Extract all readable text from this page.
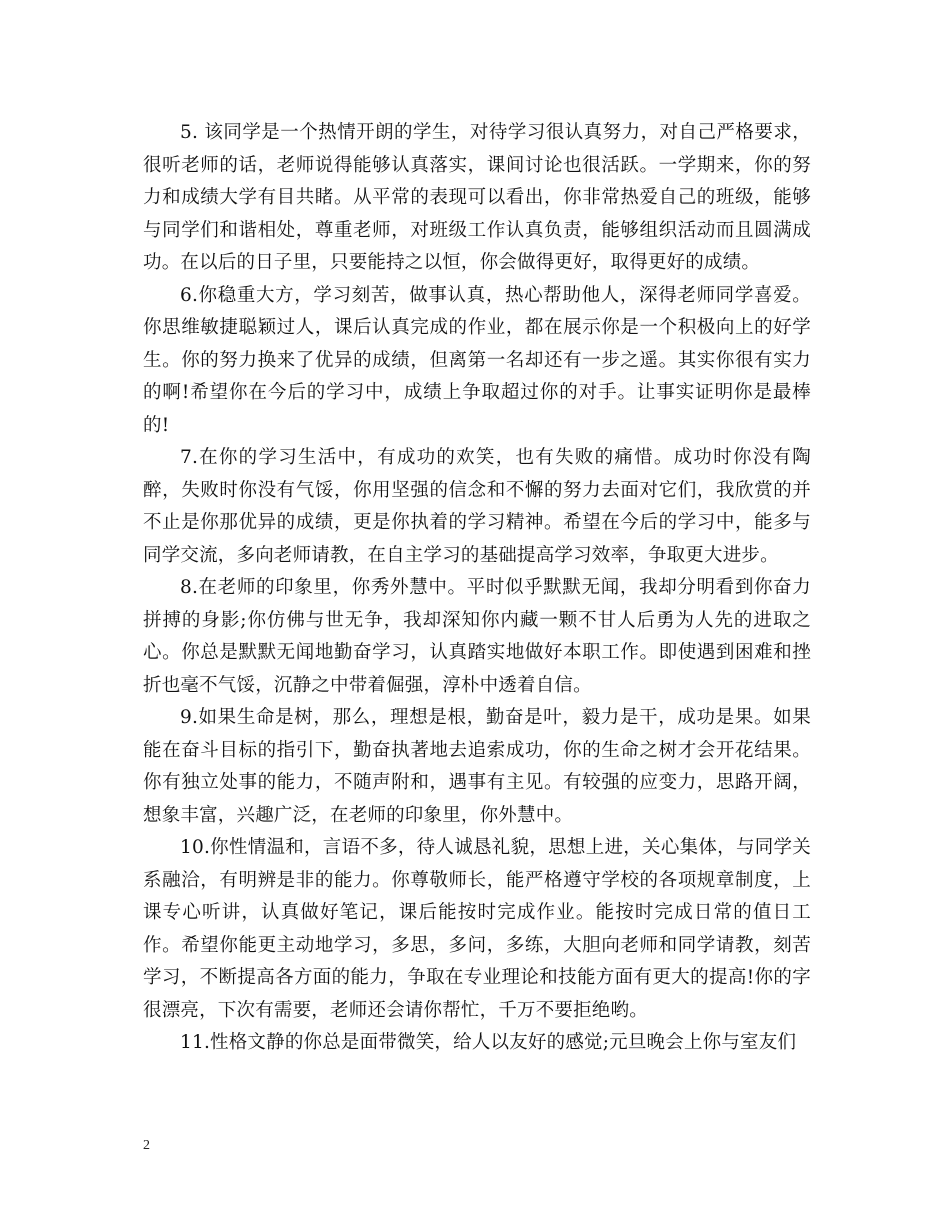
5. 该同学是一个热情开朗的学生，对待学习很认真努力，对自己严格要求，很听老师的话，老师说得能够认真落实，课间讨论也很活跃。一学期来，你的努力和成绩大学有目共睹。从平常的表现可以看出，你非常热爱自己的班级，能够与同学们和谐相处，尊重老师，对班级工作认真负责，能够组织活动而且圆满成功。在以后的日子里，只要能持之以恒，你会做得更好，取得更好的成绩。

6.你稳重大方，学习刻苦，做事认真，热心帮助他人，深得老师同学喜爱。你思维敏捷聪颖过人，课后认真完成的作业，都在展示你是一个积极向上的好学生。你的努力换来了优异的成绩，但离第一名却还有一步之遥。其实你很有实力的啊!希望你在今后的学习中，成绩上争取超过你的对手。让事实证明你是最棒的!

7.在你的学习生活中，有成功的欢笑，也有失败的痛惜。成功时你没有陶醉，失败时你没有气馁，你用坚强的信念和不懈的努力去面对它们，我欣赏的并不止是你那优异的成绩，更是你执着的学习精神。希望在今后的学习中，能多与同学交流，多向老师请教，在自主学习的基础提高学习效率，争取更大进步。

8.在老师的印象里，你秀外慧中。平时似乎默默无闻，我却分明看到你奋力拼搏的身影;你仿佛与世无争，我却深知你内藏一颗不甘人后勇为人先的进取之心。你总是默默无闻地勤奋学习，认真踏实地做好本职工作。即使遇到困难和挫折也毫不气馁，沉静之中带着倔强，淳朴中透着自信。

9.如果生命是树，那么，理想是根，勤奋是叶，毅力是干，成功是果。如果能在奋斗目标的指引下，勤奋执著地去追索成功，你的生命之树才会开花结果。你有独立处事的能力，不随声附和，遇事有主见。有较强的应变力，思路开阔，想象丰富，兴趣广泛，在老师的印象里，你外慧中。

10.你性情温和，言语不多，待人诚恳礼貌，思想上进，关心集体，与同学关系融洽，有明辨是非的能力。你尊敬师长，能严格遵守学校的各项规章制度，上课专心听讲，认真做好笔记，课后能按时完成作业。能按时完成日常的值日工作。希望你能更主动地学习，多思，多问，多练，大胆向老师和同学请教，刻苦学习，不断提高各方面的能力，争取在专业理论和技能方面有更大的提高!你的字很漂亮，下次有需要，老师还会请你帮忙，千万不要拒绝哟。

11.性格文静的你总是面带微笑，给人以友好的感觉;元旦晚会上你与室友们

2
